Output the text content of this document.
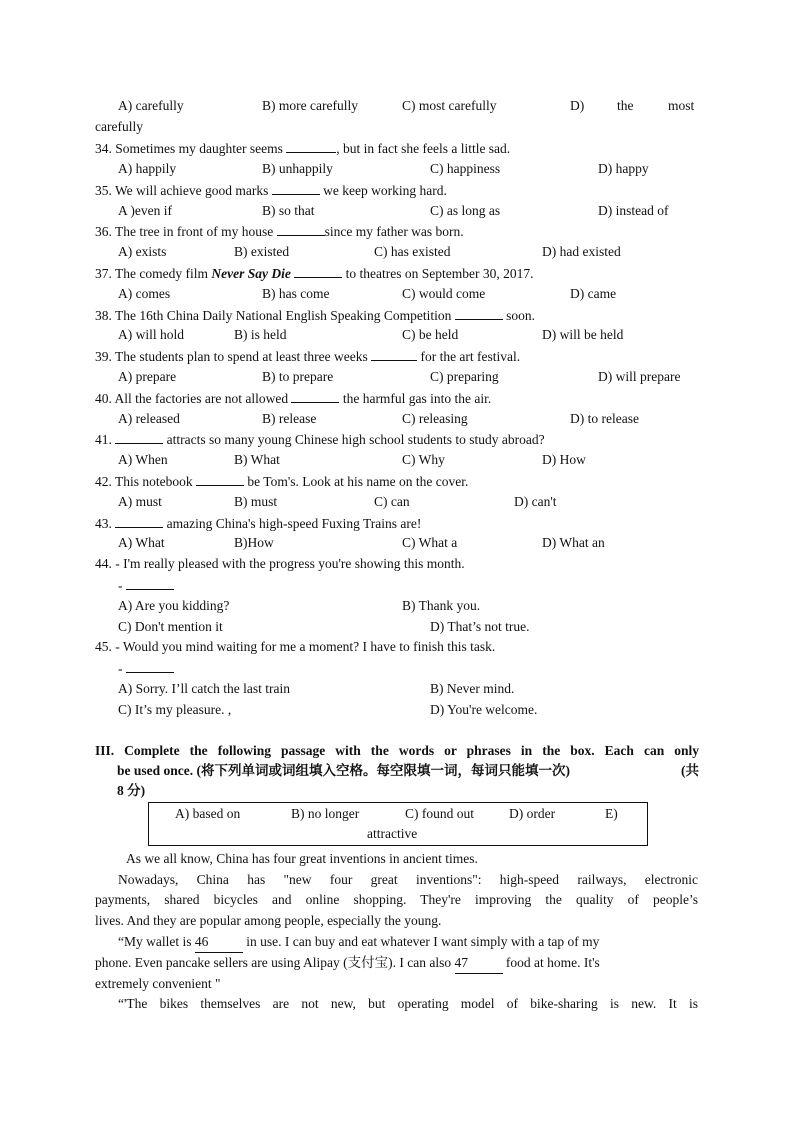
A) carefully	B) more carefully	C) most carefully	D) the	most
carefully
34. Sometimes my daughter seems	, but in fact she feels a little sad.
A) happily	B) unhappily	C) happiness	D) happy
35. We will achieve good marks	we keep working hard.
A )even if	B) so that	C) as long as	D) instead of
36. The tree in front of my house	since my father was born.
A) exists	B) existed	C) has existed	D) had existed
37. The comedy film Never Say Die	to theatres on September 30, 2017.
A) comes	B) has come	C) would come	D) came
38. The 16th China Daily National English Speaking Competition	soon.
A) will hold	B) is held	C) be held	D) will be held
39. The students plan to spend at least three weeks	for the art festival.
A) prepare	B) to prepare	C) preparing	D) will prepare
40. All the factories are not allowed	the harmful gas into the air.
A) released	B) release	C) releasing	D) to release
41.	attracts so many young Chinese high school students to study abroad?
A) When	B) What	C) Why	D) How
42. This notebook	be Tom's. Look at his name on the cover.
A) must	B) must	C) can	D) can't
43.	amazing China's high-speed Fuxing Trains are!
A) What	B)How	C) What a	D) What an
44. - I'm really pleased with the progress you're showing this month.
-
A) Are you kidding?	B) Thank you.
C) Don't mention it	D) That’s not true.
45. - Would you mind waiting for me a moment? I have to finish this task.
-
A) Sorry. I’ll catch the last train	B) Never mind.
C) It’s my pleasure. ,	D) You're welcome.
III. Complete the following passage with the words or phrases in the box. Each can only
be used once. (将下列单词或词组填入空格。每空限填一词，每词只能填一次)	(共
8 分)
A) based on	B) no longer	C) found out	D) order	E)
attractive
As we all know, China has four great inventions in ancient times.
Nowadays, China has "new four great inventions": high-speed railways, electronic
payments, shared bicycles and online shopping. They're improving the quality of people’s
lives. And they are popular among people, especially the young.
“My wallet is 46	in use. I can buy and eat whatever I want simply with a tap of my
phone. Even pancake sellers are using Alipay (支付宝). I can also 47	food at home. It's
extremely convenient "
“'The bikes themselves are not new, but operating model of bike-sharing is new. It is
